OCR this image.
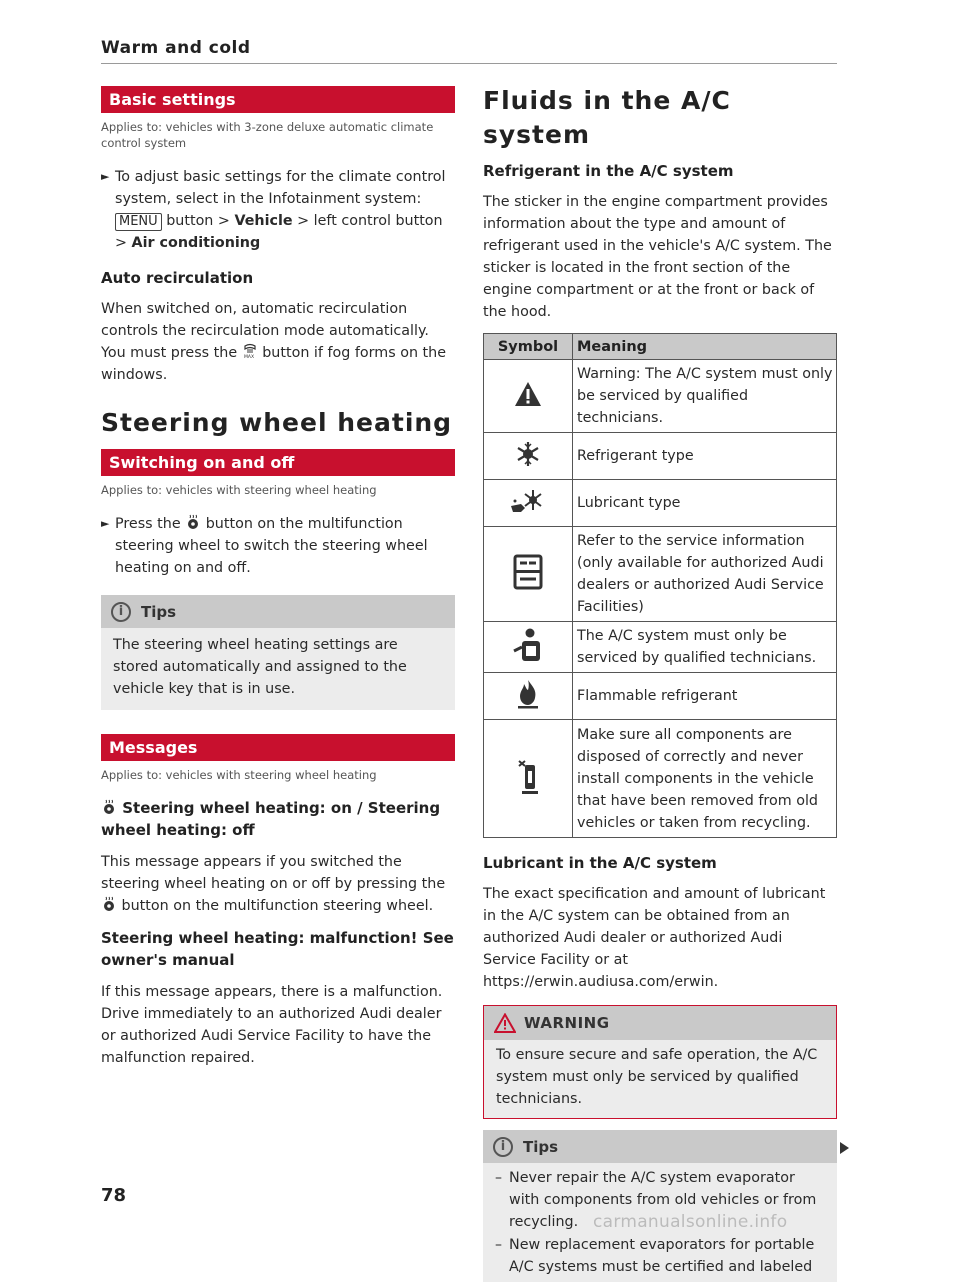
Warm and cold
Basic settings

Applies to: vehicles with 3-zone deluxe automatic climate control system

► To adjust basic settings for the climate control system, select in the Infotainment system: MENU button > Vehicle > left control button > Air conditioning

Auto recirculation

When switched on, automatic recirculation controls the recirculation mode automatically. You must press the MAX button if fog forms on the windows.

Steering wheel heating

Switching on and off

Applies to: vehicles with steering wheel heating

► Press the button on the multifunction steering wheel to switch the steering wheel heating on and off.

i	Tips

The steering wheel heating settings are stored automatically and assigned to the vehicle key that is in use.

Messages

Applies to: vehicles with steering wheel heating

Steering wheel heating: on / Steering wheel heating: off

This message appears if you switched the steering wheel heating on or off by pressing the  button on the multifunction steering wheel.

Steering wheel heating: malfunction! See owner's manual

If this message appears, there is a malfunction. Drive immediately to an authorized Audi dealer or authorized Audi Service Facility to have the malfunction repaired.

Fluids in the A/C system

Refrigerant in the A/C system

The sticker in the engine compartment provides information about the type and amount of refrigerant used in the vehicle's A/C system. The sticker is located in the front section of the engine compartment or at the front or back of the hood.

Symbol	Meaning
	Warning: The A/C system must only be serviced by qualified technicians.
	Refrigerant type
	Lubricant type
	Refer to the service information (only available for authorized Audi dealers or authorized Audi Service Facilities)
	The A/C system must only be serviced by qualified technicians.
	Flammable refrigerant
	Make sure all components are disposed of correctly and never install components in the vehicle that have been removed from old vehicles or taken from recycling.

Lubricant in the A/C system

The exact specification and amount of lubricant in the A/C system can be obtained from an authorized Audi dealer or authorized Audi Service Facility or at https://erwin.audiusa.com/erwin.

WARNING

To ensure secure and safe operation, the A/C system must only be serviced by qualified technicians.

i	Tips

– Never repair the A/C system evaporator with components from old vehicles or from recycling.

– New replacement evaporators for portable A/C systems must be certified and labeled

78
carmanualsonline.info
